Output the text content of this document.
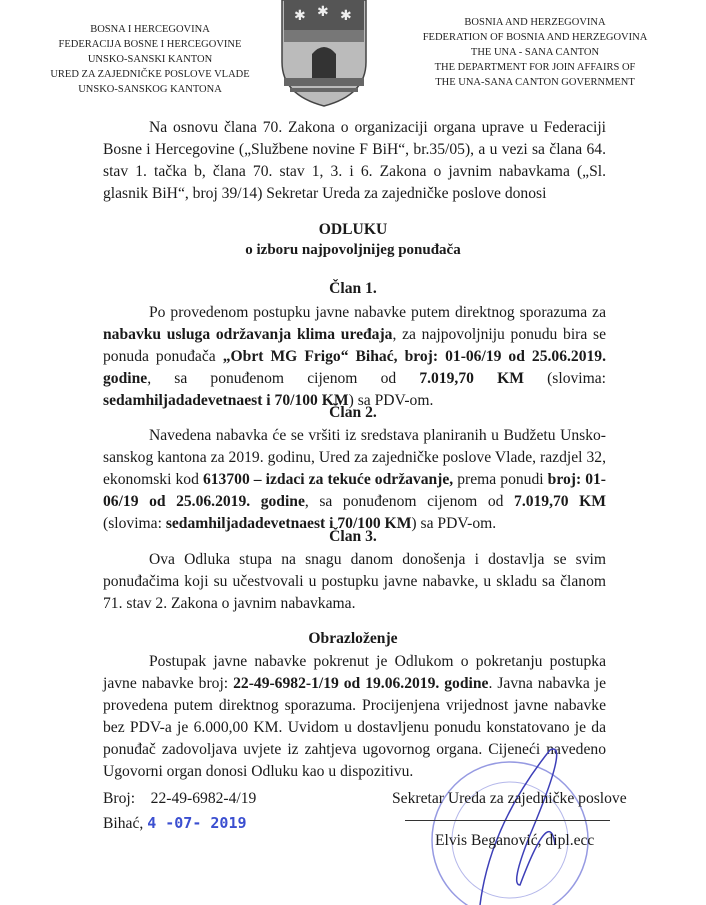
BOSNA I HERCEGOVINA
FEDERACIJA BOSNE I HERCEGOVINE
UNSKO-SANSKI KANTON
URED ZA ZAJEDNIČKE POSLOVE VLADE
UNSKO-SANSKOG KANTONA
✱ ✱ ✱	BOSNIA AND HERZEGOVINA
FEDERATION OF BOSNIA AND HERZEGOVINA
THE UNA - SANA CANTON
THE DEPARTMENT FOR JOIN AFFAIRS OF
THE UNA-SANA CANTON GOVERNMENT
Na osnovu člana 70. Zakona o organizaciji organa uprave u Federaciji Bosne i Hercegovine („Službene novine F BiH“, br.35/05), a u vezi sa člana 64. stav 1. tačka b, člana 70. stav 1, 3. i 6. Zakona o javnim nabavkama („Sl. glasnik BiH“, broj 39/14) Sekretar Ureda za zajedničke poslove donosi
ODLUKU
o izboru najpovoljnijeg ponuđača
Član 1.
Po provedenom postupku javne nabavke putem direktnog sporazuma za nabavku usluga održavanja klima uređaja, za najpovoljniju ponudu bira se ponuda ponuđača „Obrt MG Frigo“ Bihać, broj: 01-06/19 od 25.06.2019. godine, sa ponuđenom cijenom od 7.019,70 KM (slovima: sedamhiljadadevetnaest i 70/100 KM) sa PDV-om.
Član 2.
Navedena nabavka će se vršiti iz sredstava planiranih u Budžetu Unsko-sanskog kantona za 2019. godinu, Ured za zajedničke poslove Vlade, razdjel 32, ekonomski kod 613700 – izdaci za tekuće održavanje, prema ponudi broj: 01-06/19 od 25.06.2019. godine, sa ponuđenom cijenom od 7.019,70 KM (slovima: sedamhiljadadevetnaest i 70/100 KM) sa PDV-om.
Član 3.
Ova Odluka stupa na snagu danom donošenja i dostavlja se svim ponuđačima koji su učestvovali u postupku javne nabavke, u skladu sa članom 71. stav 2. Zakona o javnim nabavkama.
Obrazloženje
Postupak javne nabavke pokrenut je Odlukom o pokretanju postupka javne nabavke broj: 22-49-6982-1/19 od 19.06.2019. godine. Javna nabavka je provedena putem direktnog sporazuma. Procijenjena vrijednost javne nabavke bez PDV-a je 6.000,00 KM. Uvidom u dostavljenu ponudu konstatovano je da ponuđač zadovoljava uvjete iz zahtjeva ugovornog organa. Cijeneći navedeno Ugovorni organ donosi Odluku kao u dispozitivu.
Broj: 22-49-6982-4/19
Bihać, 4 -07- 2019
Sekretar Ureda za zajedničke poslove
Elvis Beganović, dipl.ecc
